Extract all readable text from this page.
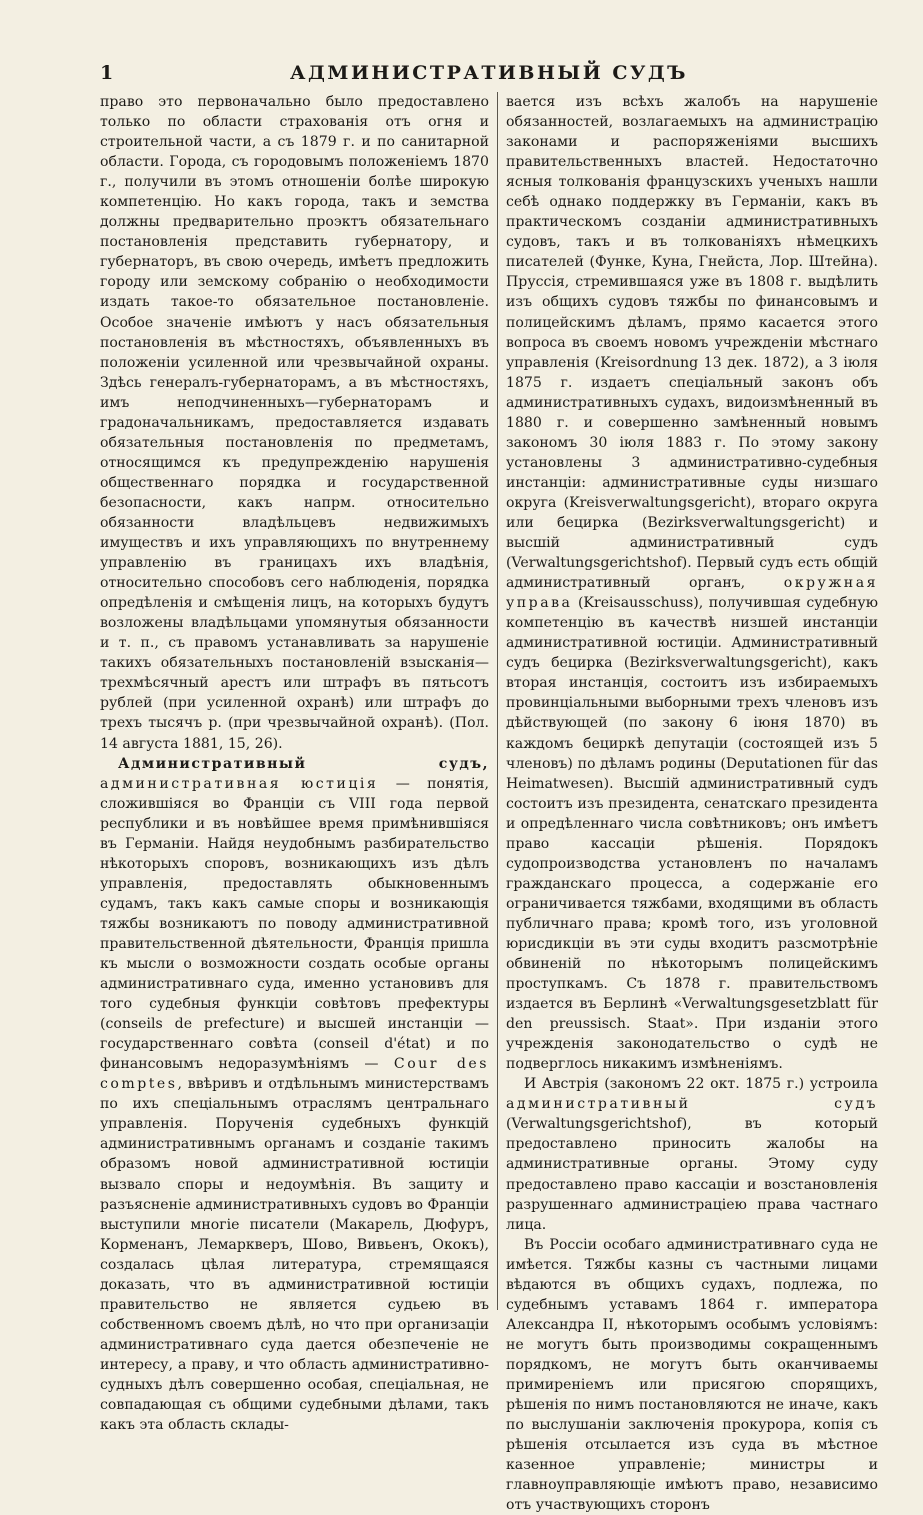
1	АДМИНИСТРАТИВНЫЙ СУДЪ

право это первоначально было предоставлено только по области страхованія отъ огня и строительной части, а съ 1879 г. и по санитарной области. Города, съ городовымъ положеніемъ 1870 г., получили въ этомъ отношеніи болѣе широкую компетенцію. Но какъ города, такъ и земства должны предварительно проэктъ обязательнаго постановленія представить губернатору, и губернаторъ, въ свою очередь, имѣетъ предложить городу или земскому собранію о необходимости издать такое-то обязательное постановленіе. Особое значеніе имѣютъ у насъ обязательныя постановленія въ мѣстностяхъ, объявленныхъ въ положеніи усиленной или чрезвычайной охраны. Здѣсь генералъ-губернаторамъ, а въ мѣстностяхъ, имъ неподчиненныхъ—губернаторамъ и градоначальникамъ, предоставляется издавать обязательныя постановленія по предметамъ, относящимся къ предупрежденію нарушенія общественнаго порядка и государственной безопасности, какъ напрм. относительно обязанности владѣльцевъ недвижимыхъ имуществъ и ихъ управляющихъ по внутреннему управленію въ границахъ ихъ владѣнія, относительно способовъ сего наблюденія, порядка опредѣленія и смѣщенія лицъ, на которыхъ будутъ возложены владѣльцами упомянутыя обязанности и т. п., съ правомъ устанавливать за нарушеніе такихъ обязательныхъ постановленій взысканія—трехмѣсячный арестъ или штрафъ въ пятьсотъ рублей (при усиленной охранѣ) или штрафъ до трехъ тысячъ р. (при чрезвычайной охранѣ). (Пол. 14 августа 1881, 15, 26).

Административный судъ, административная юстиція — понятія, сложившіяся во Франціи съ VIII года первой республики и въ новѣйшее время примѣнившіяся въ Германіи. Найдя неудобнымъ разбирательство нѣкоторыхъ споровъ, возникающихъ изъ дѣлъ управленія, предоставлять обыкновеннымъ судамъ, такъ какъ самые споры и возникающія тяжбы возникаютъ по поводу административной правительственной дѣятельности, Франція пришла къ мысли о возможности создать особые органы административнаго суда, именно установивъ для того судебныя функціи совѣтовъ префектуры (conseils de prefecture) и высшей инстанціи — государственнаго совѣта (conseil d'état) и по финансовымъ недоразумѣніямъ — Cour des comptes, ввѣривъ и отдѣльнымъ министерствамъ по ихъ спеціальнымъ отраслямъ центральнаго управленія. Порученія судебныхъ функцій административнымъ органамъ и созданіе такимъ образомъ новой административной юстиціи вызвало споры и недоумѣнія. Въ защиту и разъясненіе административныхъ судовъ во Франціи выступили многіе писатели (Макарель, Дюфуръ, Корменанъ, Лемаркверъ, Шово, Вивьенъ, Ококъ), создалась цѣлая литература, стремящаяся доказать, что въ административной юстиціи правительство не является судьею въ собственномъ своемъ дѣлѣ, но что при организаціи административнаго суда дается обезпеченіе не интересу, а праву, и что область административно-судныхъ дѣлъ совершенно особая, спеціальная, не совпадающая съ общими судебными дѣлами, такъ какъ эта область склады-

вается изъ всѣхъ жалобъ на нарушеніе обязанностей, возлагаемыхъ на администрацію законами и распоряженіями высшихъ правительственныхъ властей. Недостаточно ясныя толкованія французскихъ ученыхъ нашли себѣ однако поддержку въ Германіи, какъ въ практическомъ созданіи административныхъ судовъ, такъ и въ толкованіяхъ нѣмецкихъ писателей (Функе, Куна, Гнейста, Лор. Штейна). Пруссія, стремившаяся уже въ 1808 г. выдѣлить изъ общихъ судовъ тяжбы по финансовымъ и полицейскимъ дѣламъ, прямо касается этого вопроса въ своемъ новомъ учрежденіи мѣстнаго управленія (Kreisordnung 13 дек. 1872), а 3 іюля 1875 г. издаетъ спеціальный законъ объ административныхъ судахъ, видоизмѣненный въ 1880 г. и совершенно замѣненный новымъ закономъ 30 іюля 1883 г. По этому закону установлены 3 административно-судебныя инстанціи: административные суды низшаго округа (Kreisverwaltungsgericht), втораго округа или бецирка (Bezirksverwaltungsgericht) и высшій административный судъ (Verwaltungsgerichtshof). Первый судъ есть общій административный органъ,	окружная управа (Kreisausschuss), получившая судебную компетенцію въ качествѣ низшей инстанціи административной юстиціи. Административный судъ бецирка (Bezirksverwaltungsgericht), какъ вторая инстанція, состоитъ изъ избираемыхъ провинціальными выборными трехъ членовъ изъ дѣйствующей (по закону 6 іюня 1870) въ каждомъ бециркѣ депутаціи (состоящей изъ 5 членовъ) по дѣламъ родины (Deputationen für das Heimatwesen). Высшій административный судъ состоитъ изъ президента, сенатскаго президента и опредѣленнаго числа совѣтниковъ; онъ имѣетъ право кассаціи рѣшенія. Порядокъ судопроизводства установленъ по началамъ гражданскаго процесса, а содержаніе его ограничивается тяжбами, входящими въ область публичнаго права; кромѣ того, изъ уголовной юрисдикціи въ эти суды входитъ разсмотрѣніе обвиненій по нѣкоторымъ полицейскимъ проступкамъ. Съ 1878 г. правительствомъ издается въ Берлинѣ «Verwaltungsgesetzblatt für den preussisch. Staat». При изданіи этого учрежденія законодательство о судѣ не подверглось никакимъ измѣненіямъ.

И Австрія (закономъ 22 окт. 1875 г.) устроила административный судъ (Verwaltungsgerichtshof), въ который предоставлено приносить жалобы на административные органы. Этому суду предоставлено право кассаціи и возстановленія разрушеннаго администраціею права частнаго лица.

Въ Россіи особаго административнаго суда не имѣется. Тяжбы казны съ частными лицами вѣдаются въ общихъ судахъ, подлежа, по судебнымъ уставамъ 1864 г. императора Александра II, нѣкоторымъ особымъ условіямъ: не могутъ быть производимы сокращеннымъ порядкомъ, не могутъ быть оканчиваемы примиреніемъ или присягою спорящихъ, рѣшенія по нимъ постановляются не иначе, какъ по выслушаніи заключенія прокурора, копія съ рѣшенія отсылается изъ суда въ мѣстное казенное управленіе; министры и главноуправляющіе имѣютъ право, независимо отъ участвующихъ сторонъ
